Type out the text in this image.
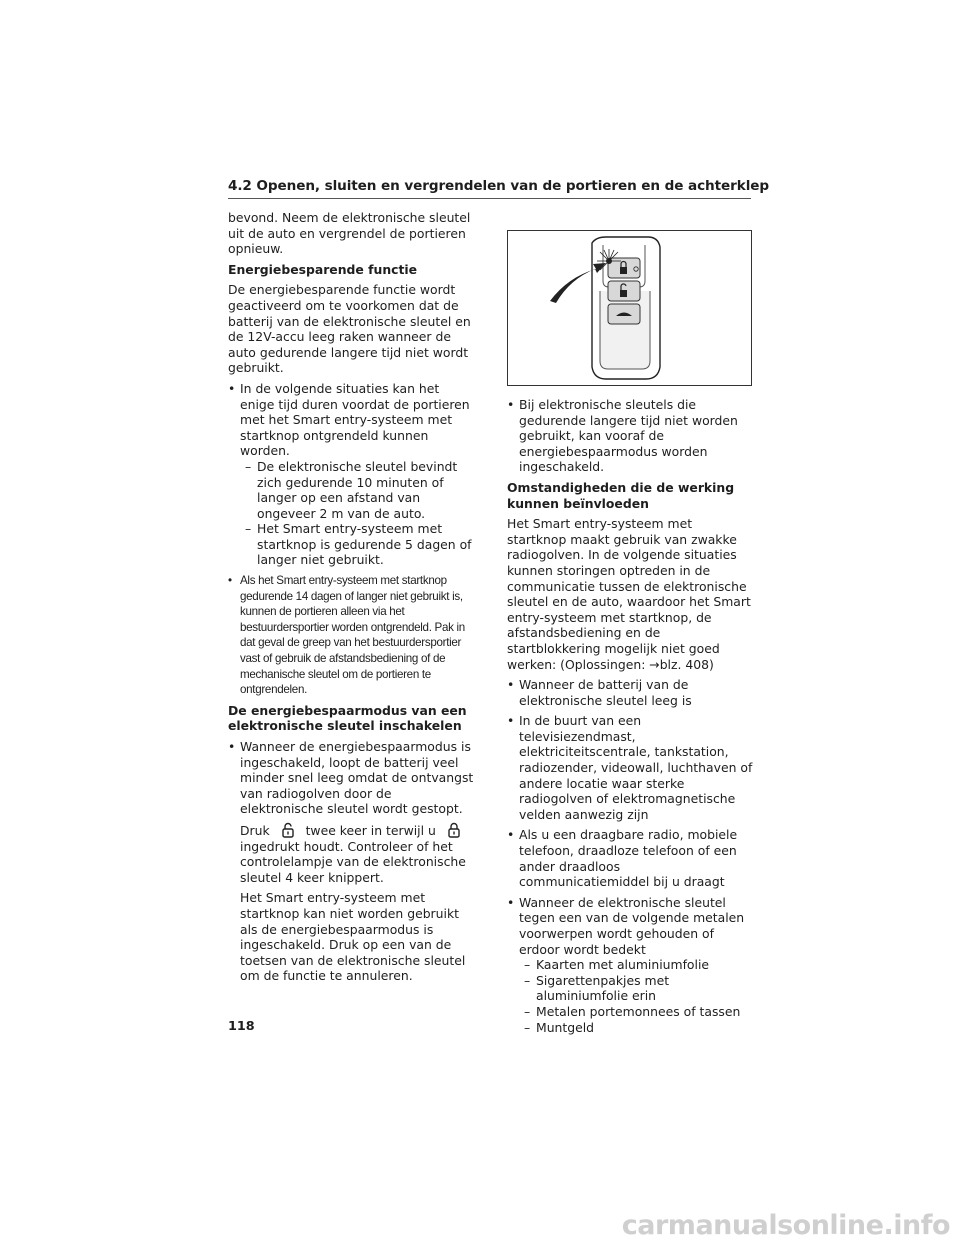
4.2 Openen, sluiten en vergrendelen van de portieren en de achterklep

bevond. Neem de elektronische sleutel uit de auto en vergrendel de portieren opnieuw.

Energiebesparende functie

De energiebesparende functie wordt geactiveerd om te voorkomen dat de batterij van de elektronische sleutel en de 12V-accu leeg raken wanneer de auto gedurende langere tijd niet wordt gebruikt.

• In de volgende situaties kan het enige tijd duren voordat de portieren met het Smart entry-systeem met startknop ontgrendeld kunnen worden.
– De elektronische sleutel bevindt zich gedurende 10 minuten of langer op een afstand van ongeveer 2 m van de auto.
– Het Smart entry-systeem met startknop is gedurende 5 dagen of langer niet gebruikt.
• Als het Smart entry-systeem met startknop gedurende 14 dagen of langer niet gebruikt is, kunnen de portieren alleen via het bestuurdersportier worden ontgrendeld. Pak in dat geval de greep van het bestuurdersportier vast of gebruik de afstandsbediening of de mechanische sleutel om de portieren te ontgrendelen.
De energiebespaarmodus van een elektronische sleutel inschakelen
• Wanneer de energiebespaarmodus is ingeschakeld, loopt de batterij veel minder snel leeg omdat de ontvangst van radiogolven door de elektronische sleutel wordt gestopt.

Druk	twee keer in terwijl u  ingedrukt houdt. Controleer of het controlelampje van de elektronische sleutel 4 keer knippert.

Het Smart entry-systeem met startknop kan niet worden gebruikt als de energiebespaarmodus is ingeschakeld. Druk op een van de toetsen van de elektronische sleutel om de functie te annuleren.

• Bij elektronische sleutels die gedurende langere tijd niet worden gebruikt, kan vooraf de energiebespaarmodus worden ingeschakeld.
Omstandigheden die de werking kunnen beïnvloeden

Het Smart entry-systeem met startknop maakt gebruik van zwakke radiogolven. In de volgende situaties kunnen storingen optreden in de communicatie tussen de elektronische sleutel en de auto, waardoor het Smart entry-systeem met startknop, de afstandsbediening en de startblokkering mogelijk niet goed werken: (Oplossingen: →blz. 408)

• Wanneer de batterij van de elektronische sleutel leeg is
• In de buurt van een televisiezendmast, elektriciteitscentrale, tankstation, radiozender, videowall, luchthaven of andere locatie waar sterke radiogolven of elektromagnetische velden aanwezig zijn
• Als u een draagbare radio, mobiele telefoon, draadloze telefoon of een ander draadloos communicatiemiddel bij u draagt
• Wanneer de elektronische sleutel tegen een van de volgende metalen voorwerpen wordt gehouden of erdoor wordt bedekt
– Kaarten met aluminiumfolie
– Sigarettenpakjes met aluminiumfolie erin
– Metalen portemonnees of tassen
– Muntgeld
118
carmanualsonline.info
